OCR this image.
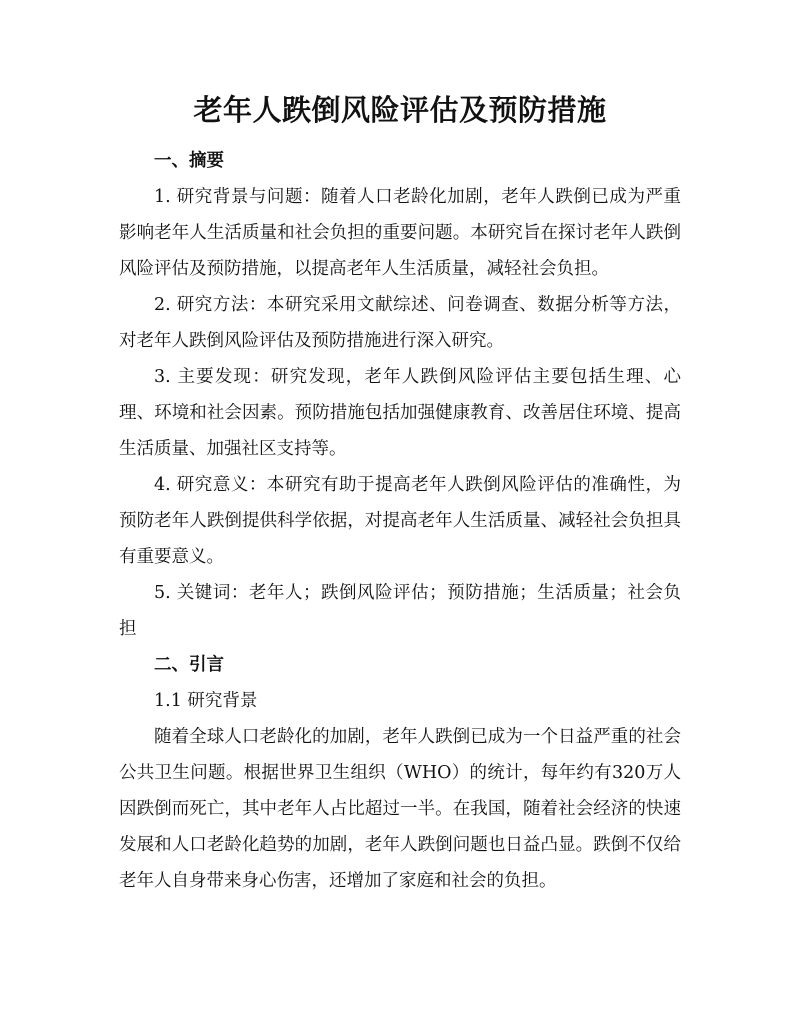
老年人跌倒风险评估及预防措施
一、摘要

1. 研究背景与问题：随着人口老龄化加剧，老年人跌倒已成为严重影响老年人生活质量和社会负担的重要问题。本研究旨在探讨老年人跌倒风险评估及预防措施，以提高老年人生活质量，减轻社会负担。

2. 研究方法：本研究采用文献综述、问卷调查、数据分析等方法，对老年人跌倒风险评估及预防措施进行深入研究。

3. 主要发现：研究发现，老年人跌倒风险评估主要包括生理、心理、环境和社会因素。预防措施包括加强健康教育、改善居住环境、提高生活质量、加强社区支持等。

4. 研究意义：本研究有助于提高老年人跌倒风险评估的准确性，为预防老年人跌倒提供科学依据，对提高老年人生活质量、减轻社会负担具有重要意义。

5. 关键词：老年人；跌倒风险评估；预防措施；生活质量；社会负担

二、引言

1.1 研究背景

随着全球人口老龄化的加剧，老年人跌倒已成为一个日益严重的社会公共卫生问题。根据世界卫生组织（WHO）的统计，每年约有320万人因跌倒而死亡，其中老年人占比超过一半。在我国，随着社会经济的快速发展和人口老龄化趋势的加剧，老年人跌倒问题也日益凸显。跌倒不仅给老年人自身带来身心伤害，还增加了家庭和社会的负担。
